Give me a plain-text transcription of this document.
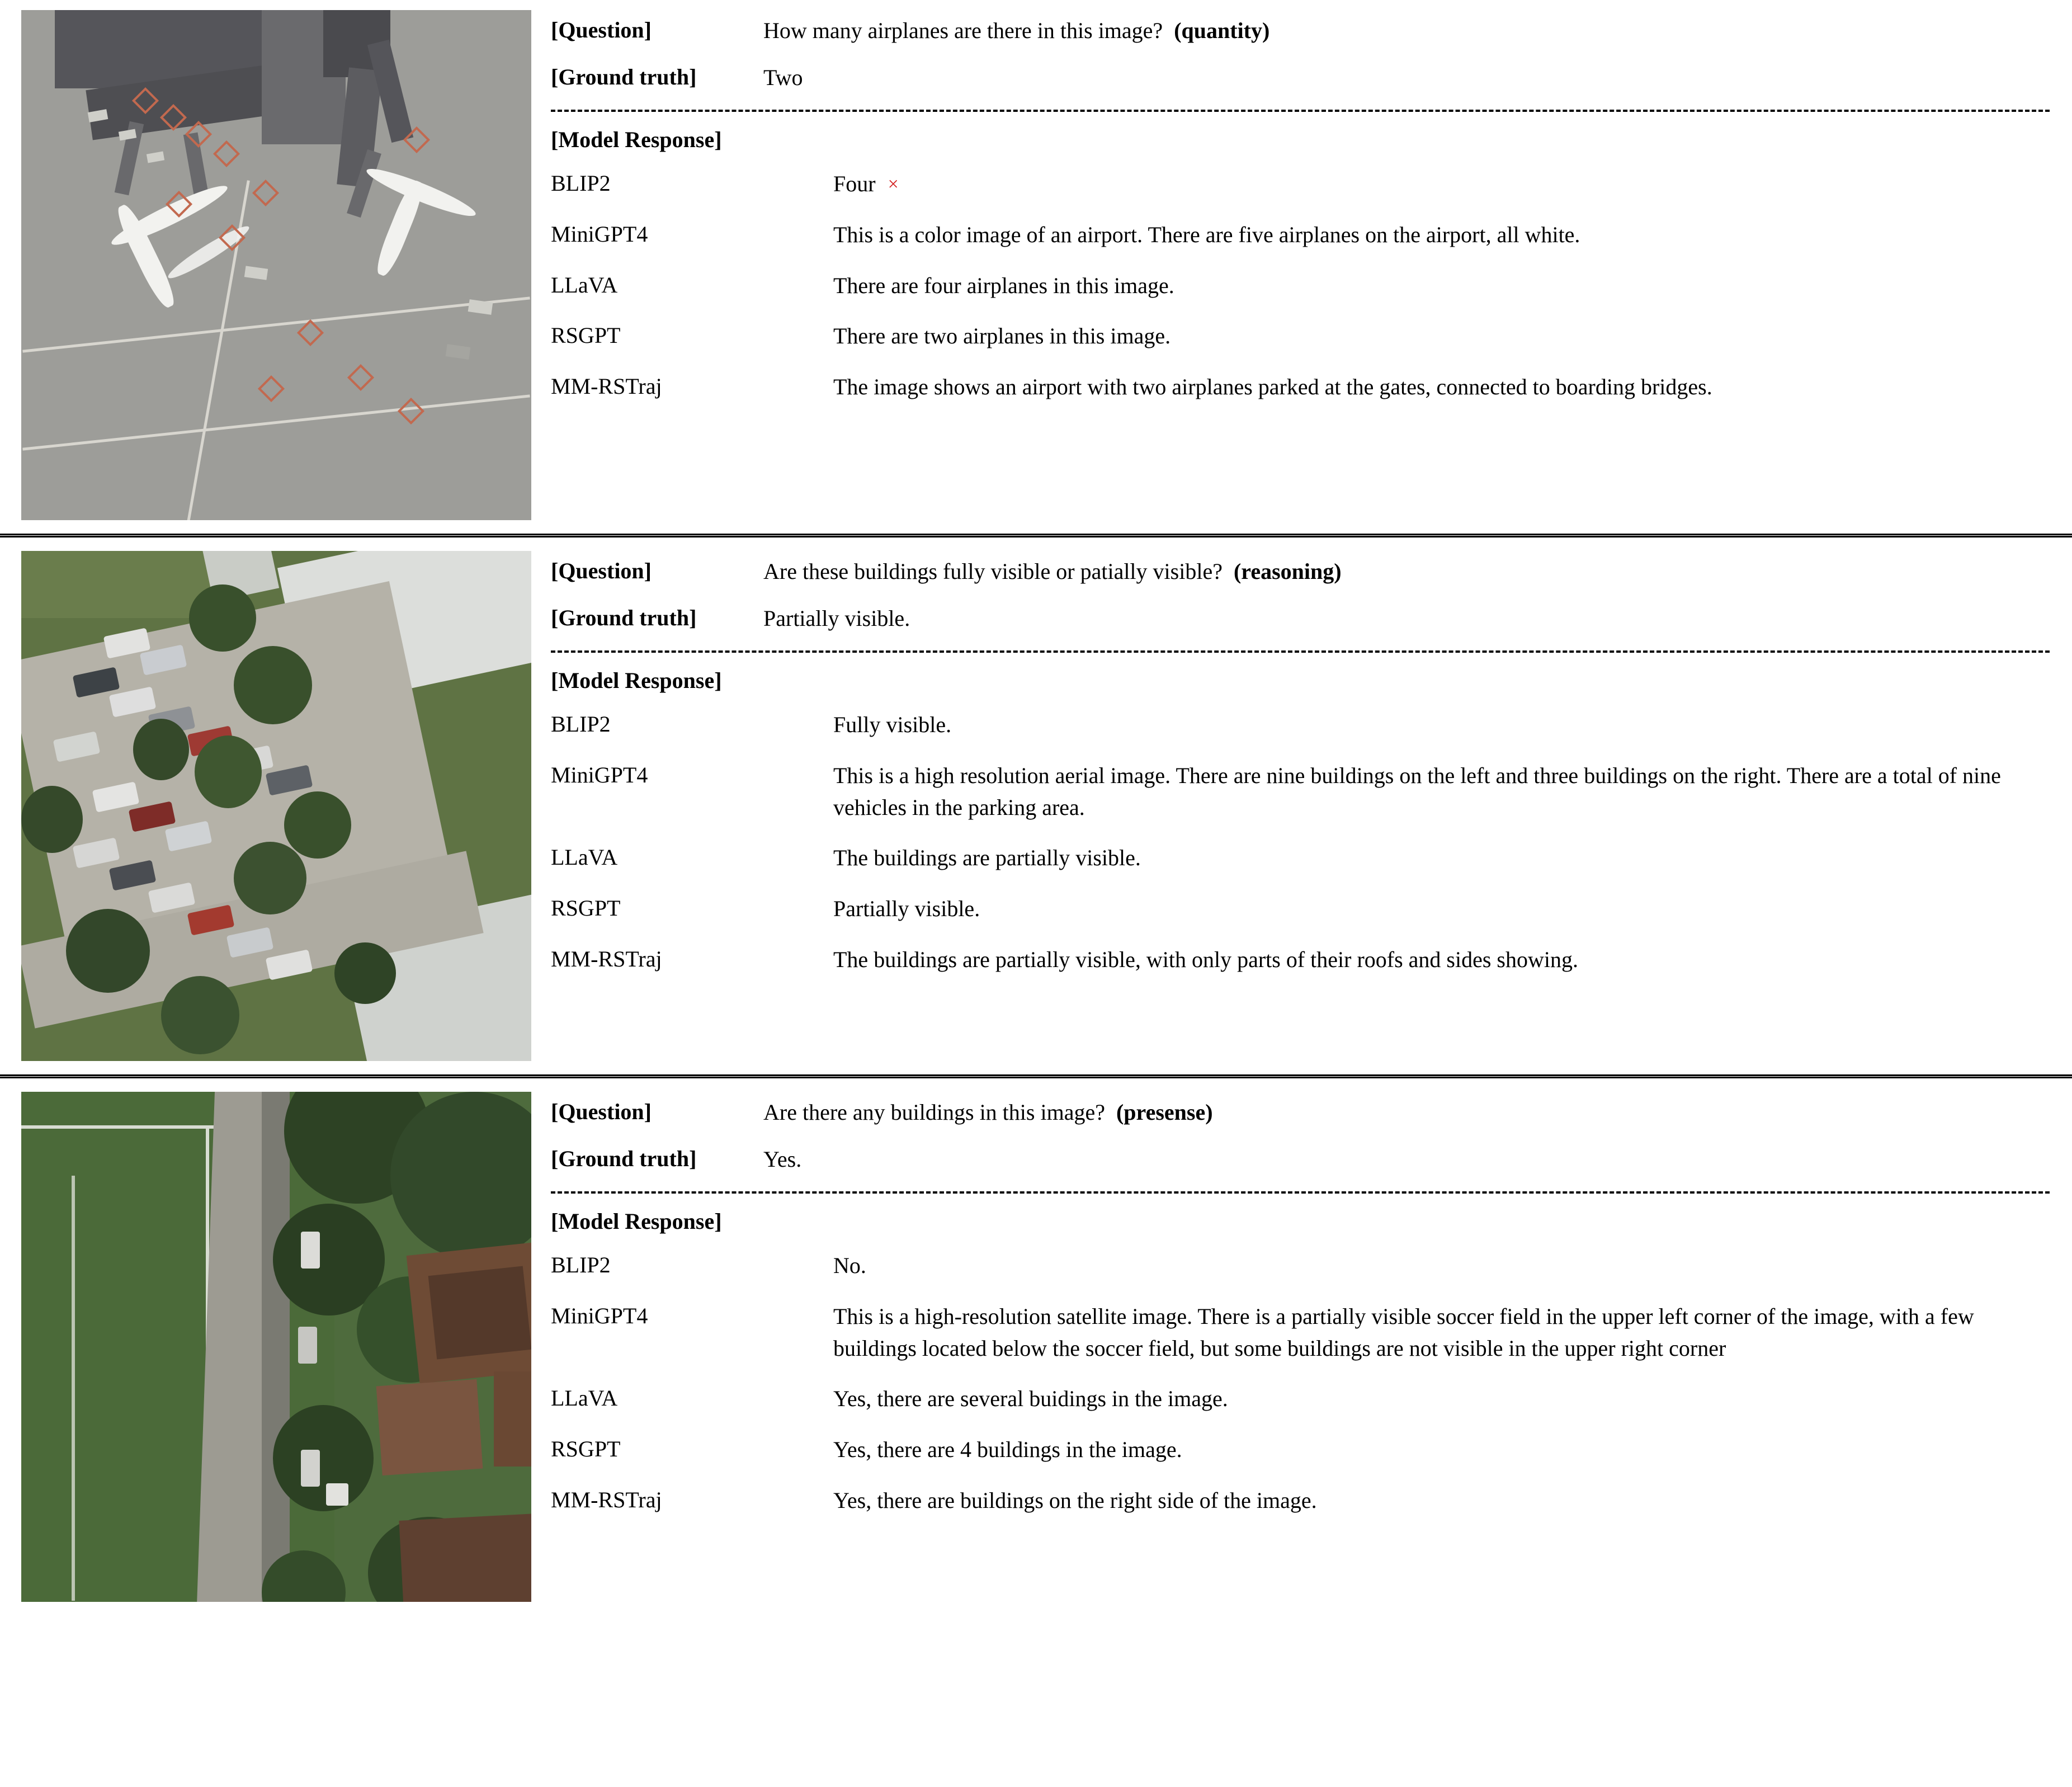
[Question]	How many airplanes are there in this image? (quantity)
[Ground truth]	Two
[Model Response]
BLIP2	Four ×
MiniGPT4	This is a color image of an airport. There are five airplanes on the airport, all white.
LLaVA	There are four airplanes in this image.
RSGPT	There are two airplanes in this image.
MM-RSTraj	The image shows an airport with two airplanes parked at the gates, connected to boarding bridges.
[Question]	Are these buildings fully visible or patially visible? (reasoning)
[Ground truth]	Partially visible.
[Model Response]
BLIP2	Fully visible.
MiniGPT4	This is a high resolution aerial image. There are nine buildings on the left and three buildings on the right. There are a total of nine vehicles in the parking area.
LLaVA	The buildings are partially visible.
RSGPT	Partially visible.
MM-RSTraj	The buildings are partially visible, with only parts of their roofs and sides showing.
[Question]	Are there any buildings in this image? (presense)
[Ground truth]	Yes.
[Model Response]
BLIP2	No.
MiniGPT4	This is a high-resolution satellite image. There is a partially visible soccer field in the upper left corner of the image, with a few buildings located below the soccer field, but some buildings are not visible in the upper right corner
LLaVA	Yes, there are several buidings in the image.
RSGPT	Yes, there are 4 buildings in the image.
MM-RSTraj	Yes, there are buildings on the right side of the image.
